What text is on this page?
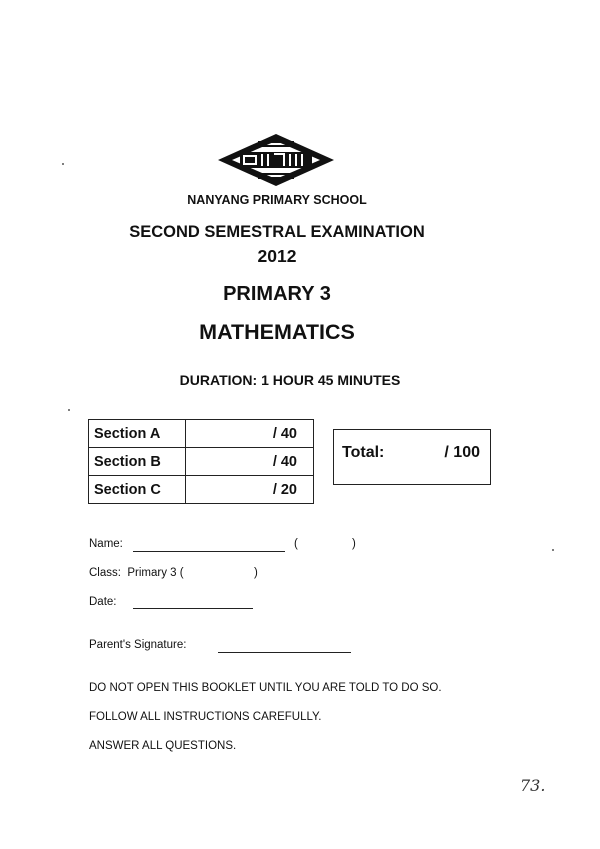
NANYANG PRIMARY SCHOOL
SECOND SEMESTRAL EXAMINATION
2012
PRIMARY 3
MATHEMATICS
DURATION: 1 HOUR 45 MINUTES
Section A	/ 40
Section B	/ 40
Section C	/ 20
Total:	/ 100
Name:	(	)
Class:  Primary 3 (	)
Date:
Parent's Signature:
DO NOT OPEN THIS BOOKLET UNTIL YOU ARE TOLD TO DO SO.
FOLLOW ALL INSTRUCTIONS CAREFULLY.
ANSWER ALL QUESTIONS.
73.
